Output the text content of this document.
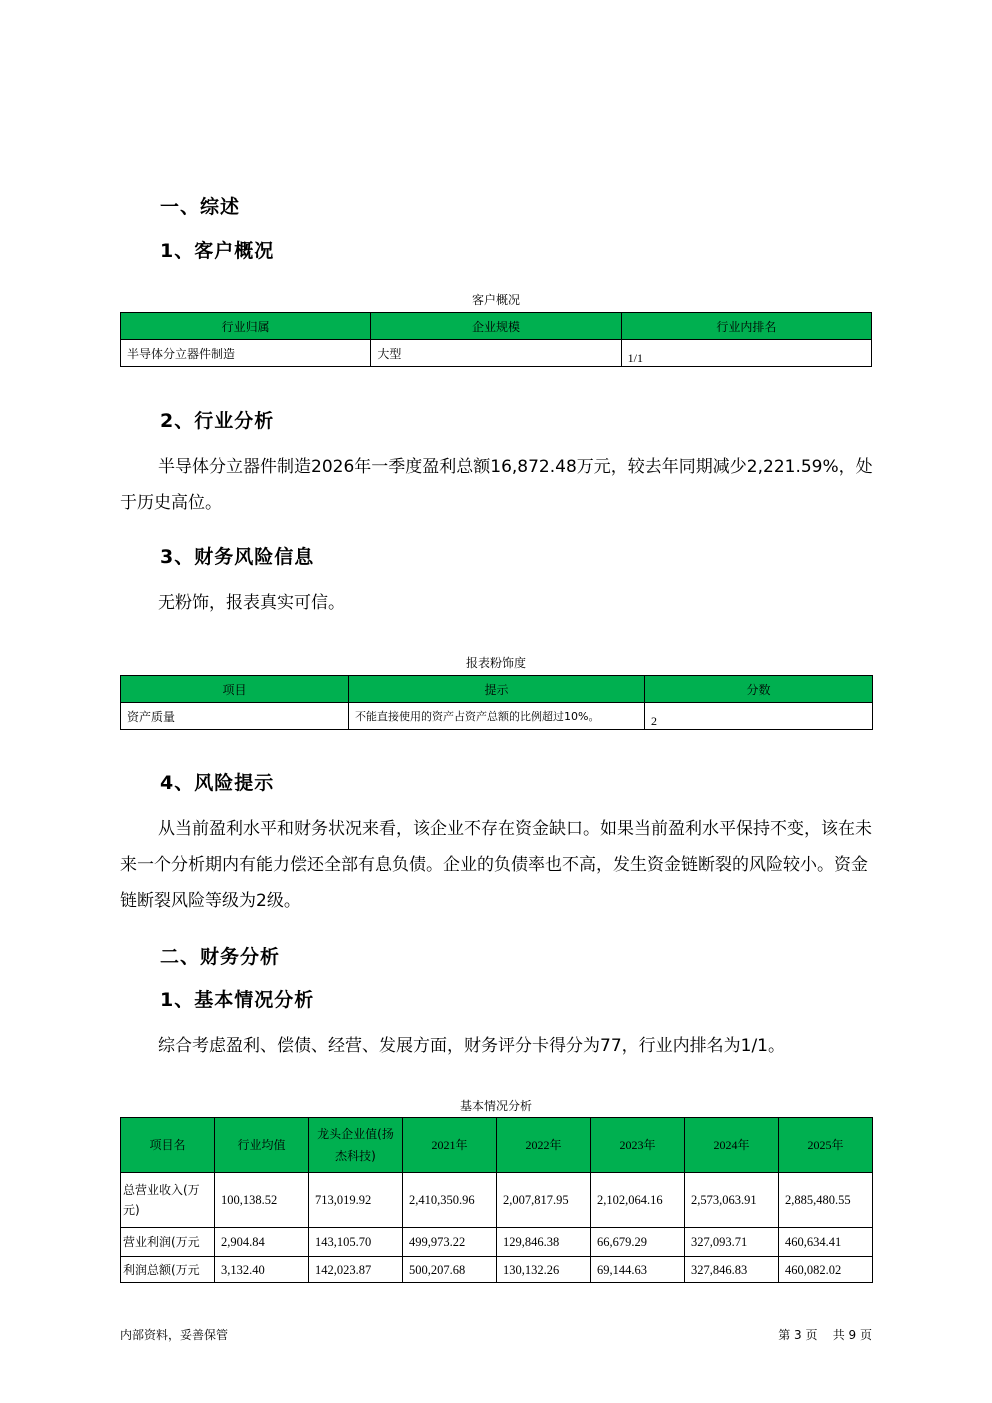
一、综述
1、客户概况
客户概况
行业归属	企业规模	行业内排名
半导体分立器件制造	大型	1/1
2、行业分析
半导体分立器件制造2026年一季度盈利总额16,872.48万元，较去年同期减少2,221.59%，处于历史高位。
3、财务风险信息
无粉饰，报表真实可信。
报表粉饰度
项目	提示	分数
资产质量	不能直接使用的资产占资产总额的比例超过10%。	2
4、风险提示
从当前盈利水平和财务状况来看，该企业不存在资金缺口。如果当前盈利水平保持不变，该在未来一个分析期内有能力偿还全部有息负债。企业的负债率也不高，发生资金链断裂的风险较小。资金链断裂风险等级为2级。
二、财务分析
1、基本情况分析
综合考虑盈利、偿债、经营、发展方面，财务评分卡得分为77，行业内排名为1/1。
基本情况分析
项目名	行业均值	龙头企业值(扬杰科技)	2021年	2022年	2023年	2024年	2025年
总营业收入(万元)	100,138.52	713,019.92	2,410,350.96	2,007,817.95	2,102,064.16	2,573,063.91	2,885,480.55
营业利润(万元	2,904.84	143,105.70	499,973.22	129,846.38	66,679.29	327,093.71	460,634.41
利润总额(万元	3,132.40	142,023.87	500,207.68	130,132.26	69,144.63	327,846.83	460,082.02
内部资料，妥善保管	第 3 页    共 9 页
